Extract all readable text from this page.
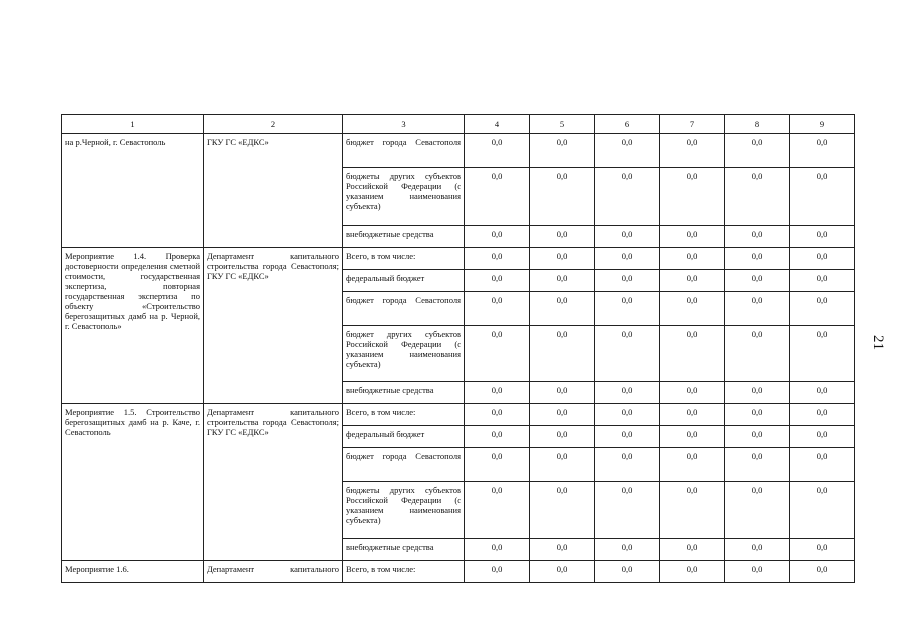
21
1	2	3	4	5	6	7	8	9
на р.Черной, г. Севастополь	ГКУ ГС «ЕДКС»	бюджет города Севастополя	0,0	0,0	0,0	0,0	0,0	0,0
		бюджеты других субъектов Российской Федерации (с указанием наименования субъекта)	0,0	0,0	0,0	0,0	0,0	0,0
		внебюджетные средства	0,0	0,0	0,0	0,0	0,0	0,0
Мероприятие 1.4. Проверка достоверности определения сметной стоимости, государственная экспертиза, повторная государственная экспертиза по объекту «Строительство берегозащитных дамб на р. Черной, г. Севастополь»	Департамент капитального строительства города Севастополя; ГКУ ГС «ЕДКС»	Всего, в том числе:	0,0	0,0	0,0	0,0	0,0	0,0
		федеральный бюджет	0,0	0,0	0,0	0,0	0,0	0,0
		бюджет города Севастополя	0,0	0,0	0,0	0,0	0,0	0,0
		бюджет других субъектов Российской Федерации (с указанием наименования субъекта)	0,0	0,0	0,0	0,0	0,0	0,0
		внебюджетные средства	0,0	0,0	0,0	0,0	0,0	0,0
Мероприятие 1.5. Строительство берегозащитных дамб на р. Каче, г. Севастополь	Департамент капитального строительства города Севастополя; ГКУ ГС «ЕДКС»	Всего, в том числе:	0,0	0,0	0,0	0,0	0,0	0,0
		федеральный бюджет	0,0	0,0	0,0	0,0	0,0	0,0
		бюджет города Севастополя	0,0	0,0	0,0	0,0	0,0	0,0
		бюджеты других субъектов Российской Федерации (с указанием наименования субъекта)	0,0	0,0	0,0	0,0	0,0	0,0
		внебюджетные средства	0,0	0,0	0,0	0,0	0,0	0,0
Мероприятие 1.6.	Департамент капитального	Всего, в том числе:	0,0	0,0	0,0	0,0	0,0	0,0
